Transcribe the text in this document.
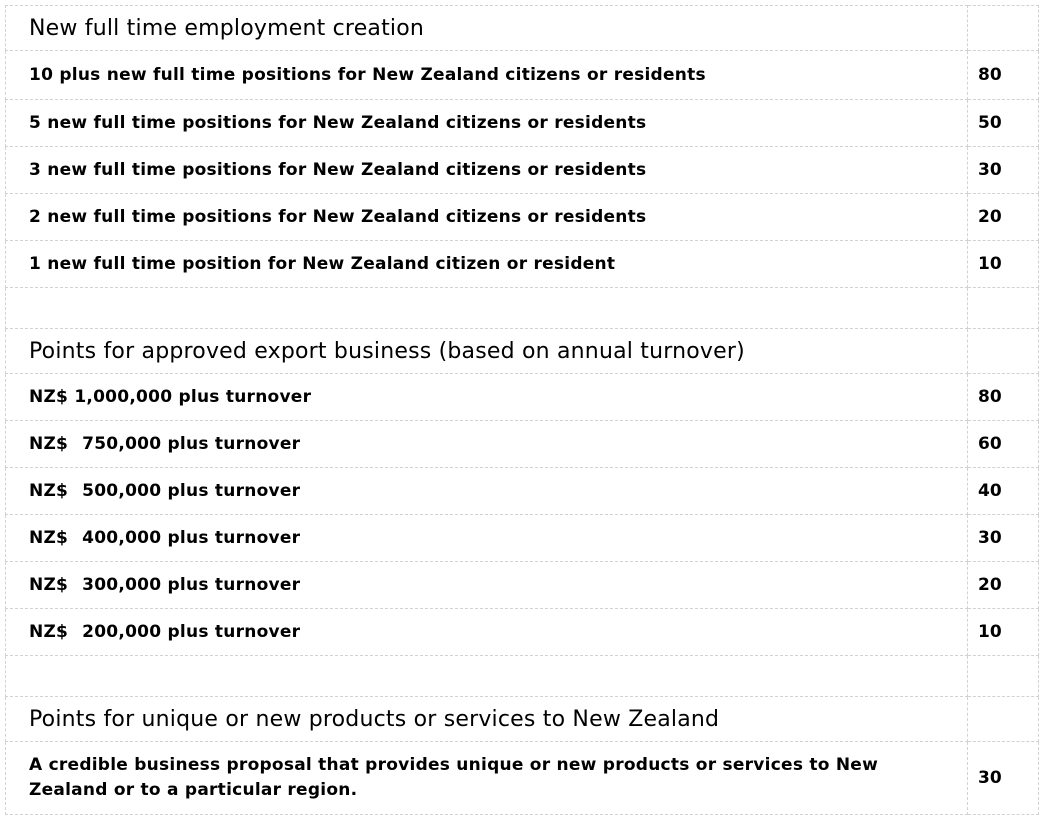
New full time employment creation	
10 plus new full time positions for New Zealand citizens or residents	80
5 new full time positions for New Zealand citizens or residents	50
3 new full time positions for New Zealand citizens or residents	30
2 new full time positions for New Zealand citizens or residents	20
1 new full time position for New Zealand citizen or resident	10

Points for approved export business (based on annual turnover)	
NZ$ 1,000,000 plus turnover	80
NZ$ 750,000 plus turnover	60
NZ$ 500,000 plus turnover	40
NZ$ 400,000 plus turnover	30
NZ$ 300,000 plus turnover	20
NZ$ 200,000 plus turnover	10

Points for unique or new products or services to New Zealand	
A credible business proposal that provides unique or new products or services to New Zealand or to a particular region.	30
